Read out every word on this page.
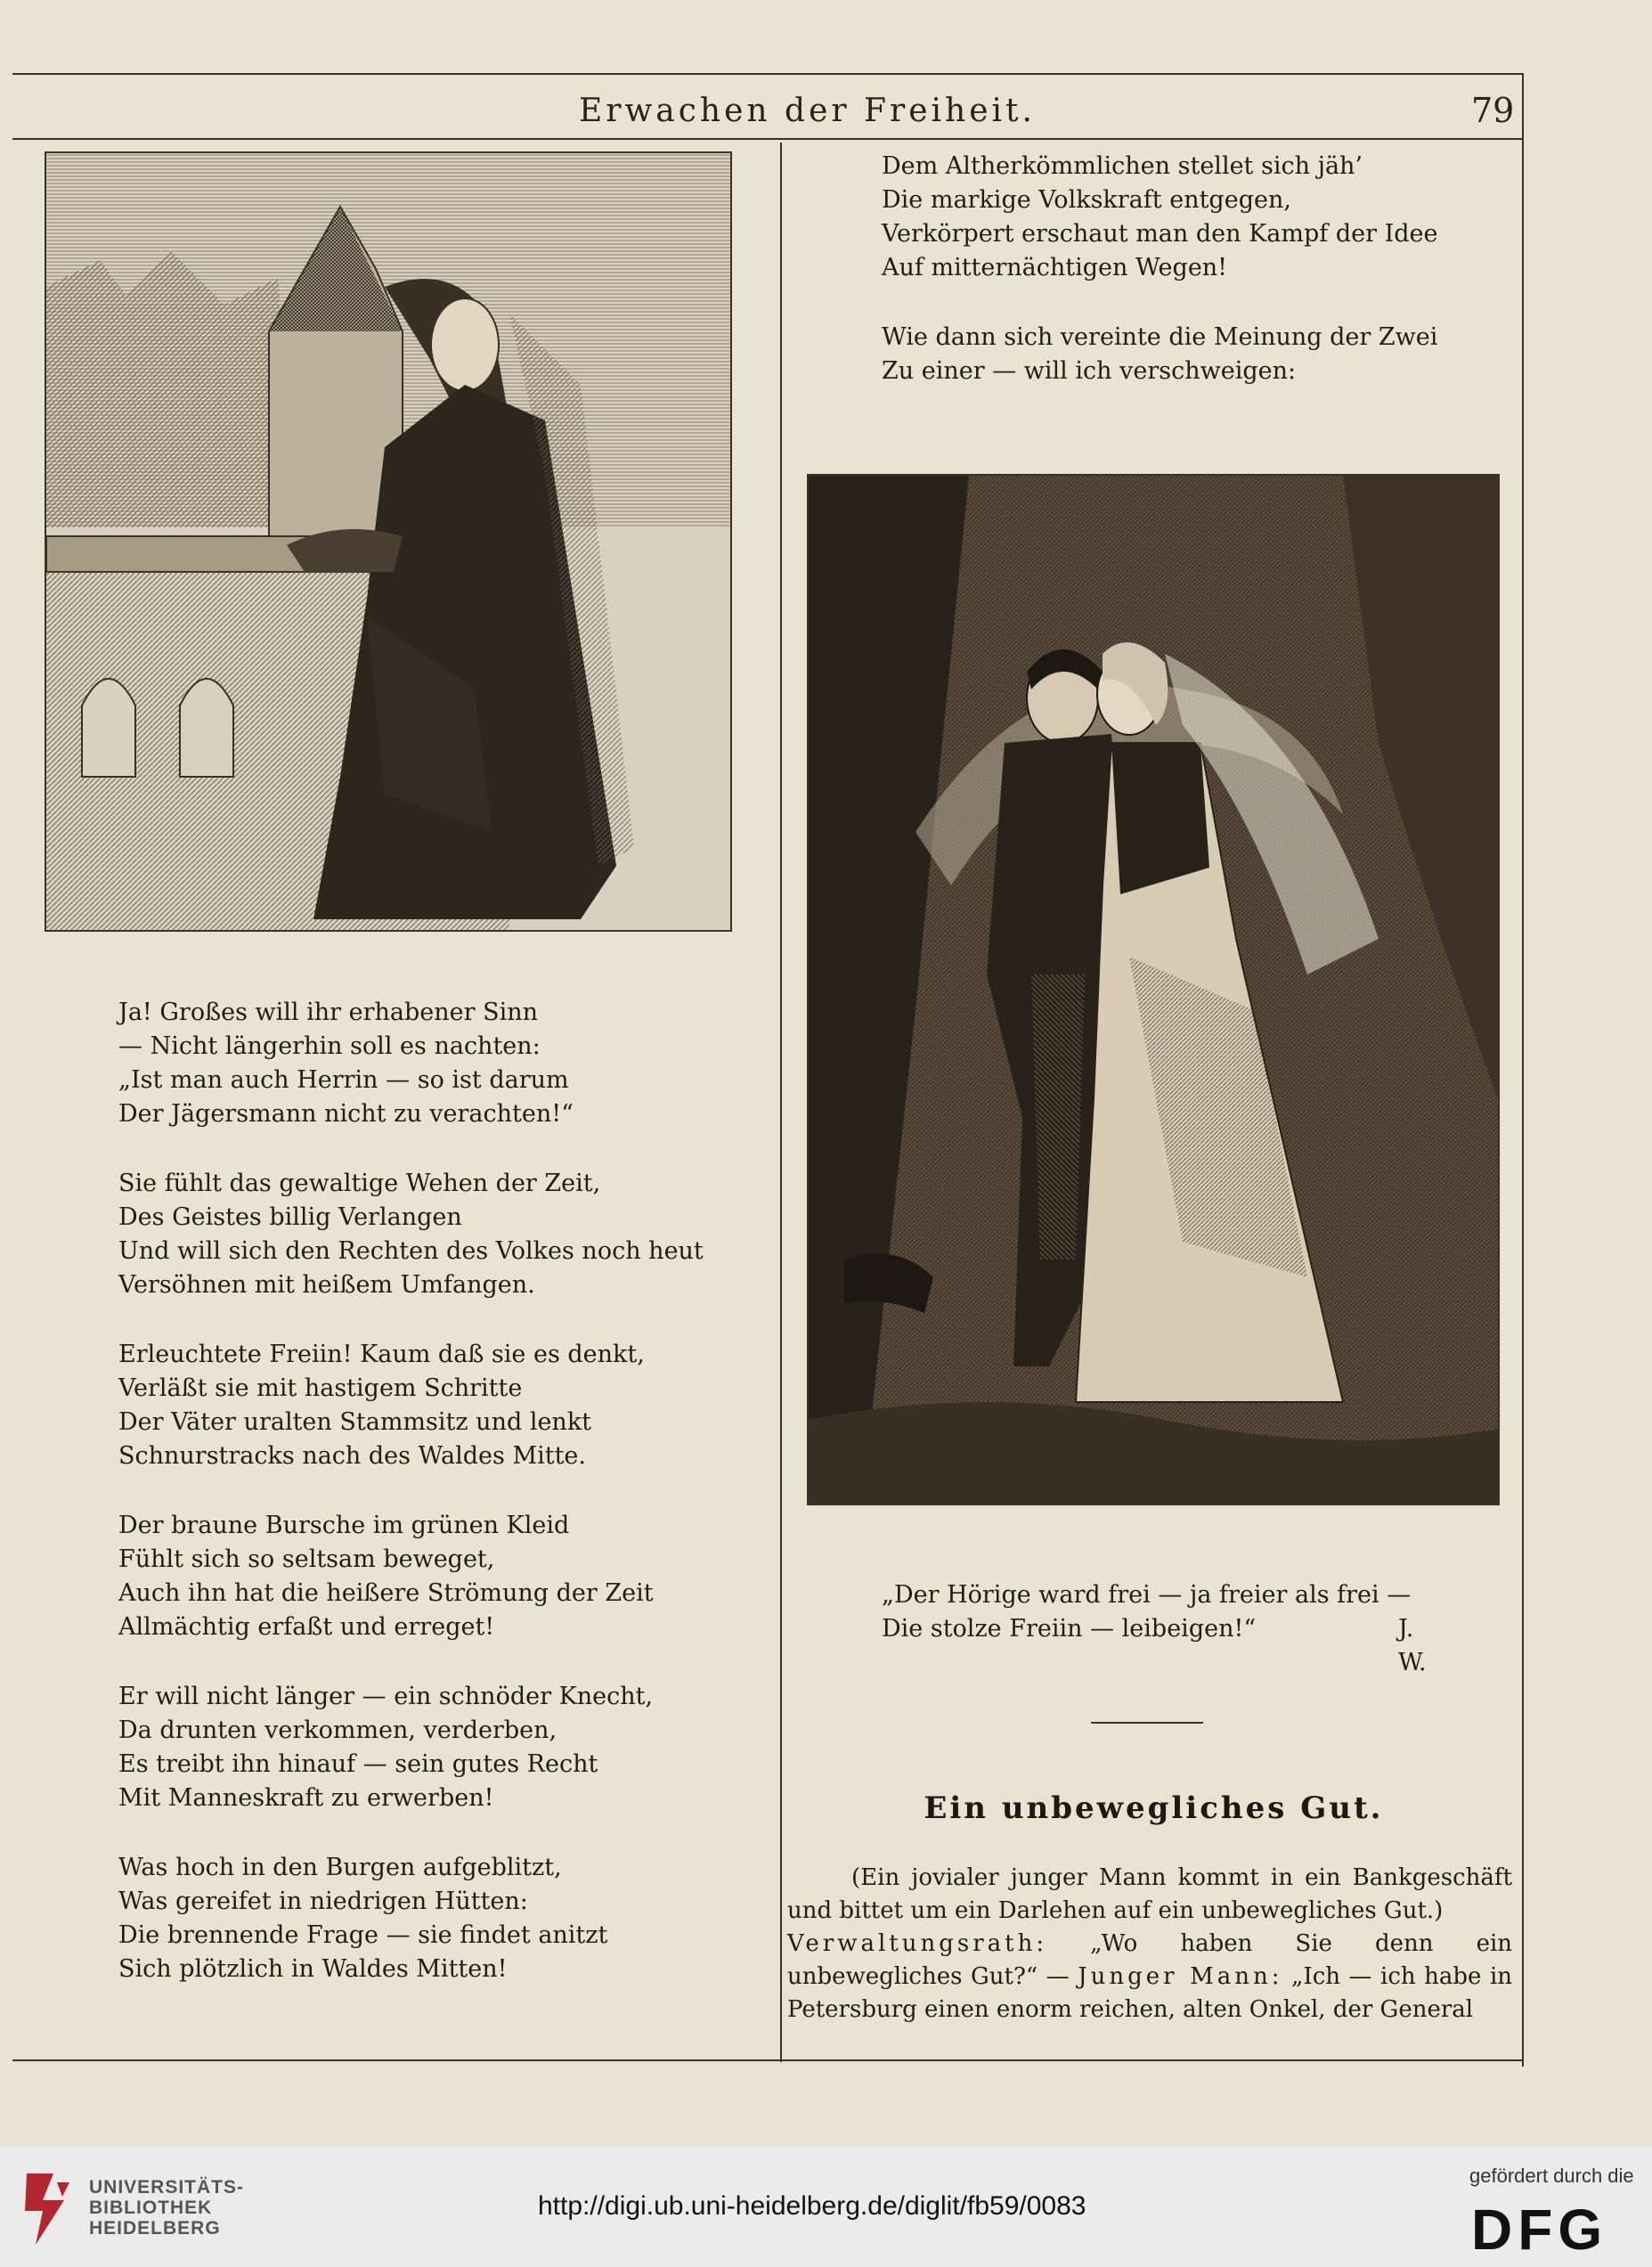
Erwachen der Freiheit.	79
Ja! Großes will ihr erhabener Sinn
— Nicht längerhin soll es nachten:
„Ist man auch Herrin — so ist darum
Der Jägersmann nicht zu verachten!“
Sie fühlt das gewaltige Wehen der Zeit,
Des Geistes billig Verlangen
Und will sich den Rechten des Volkes noch heut
Versöhnen mit heißem Umfangen.
Erleuchtete Freiin! Kaum daß sie es denkt,
Verläßt sie mit hastigem Schritte
Der Väter uralten Stammsitz und lenkt
Schnurstracks nach des Waldes Mitte.
Der braune Bursche im grünen Kleid
Fühlt sich so seltsam beweget,
Auch ihn hat die heißere Strömung der Zeit
Allmächtig erfaßt und erreget!
Er will nicht länger — ein schnöder Knecht,
Da drunten verkommen, verderben,
Es treibt ihn hinauf — sein gutes Recht
Mit Manneskraft zu erwerben!
Was hoch in den Burgen aufgeblitzt,
Was gereifet in niedrigen Hütten:
Die brennende Frage — sie findet anitzt
Sich plötzlich in Waldes Mitten!
Dem Altherkömmlichen stellet sich jäh’
Die markige Volkskraft entgegen,
Verkörpert erschaut man den Kampf der Idee
Auf mitternächtigen Wegen!
Wie dann sich vereinte die Meinung der Zwei
Zu einer — will ich verschweigen:
„Der Hörige ward frei — ja freier als frei —
Die stolze Freiin — leibeigen!“	J. W.
Ein unbewegliches Gut.

(Ein jovialer junger Mann kommt in ein Bankgeschäft und bittet um ein Darlehen auf ein unbewegliches Gut.)

Verwaltungsrath: „Wo haben Sie denn ein unbewegliches Gut?“ — Junger Mann: „Ich — ich habe in Petersburg einen enorm reichen, alten Onkel, der General
UNIVERSITÄTS-
BIBLIOTHEK
HEIDELBERG
http://digi.ub.uni-heidelberg.de/diglit/fb59/0083
gefördert durch die
DFG
